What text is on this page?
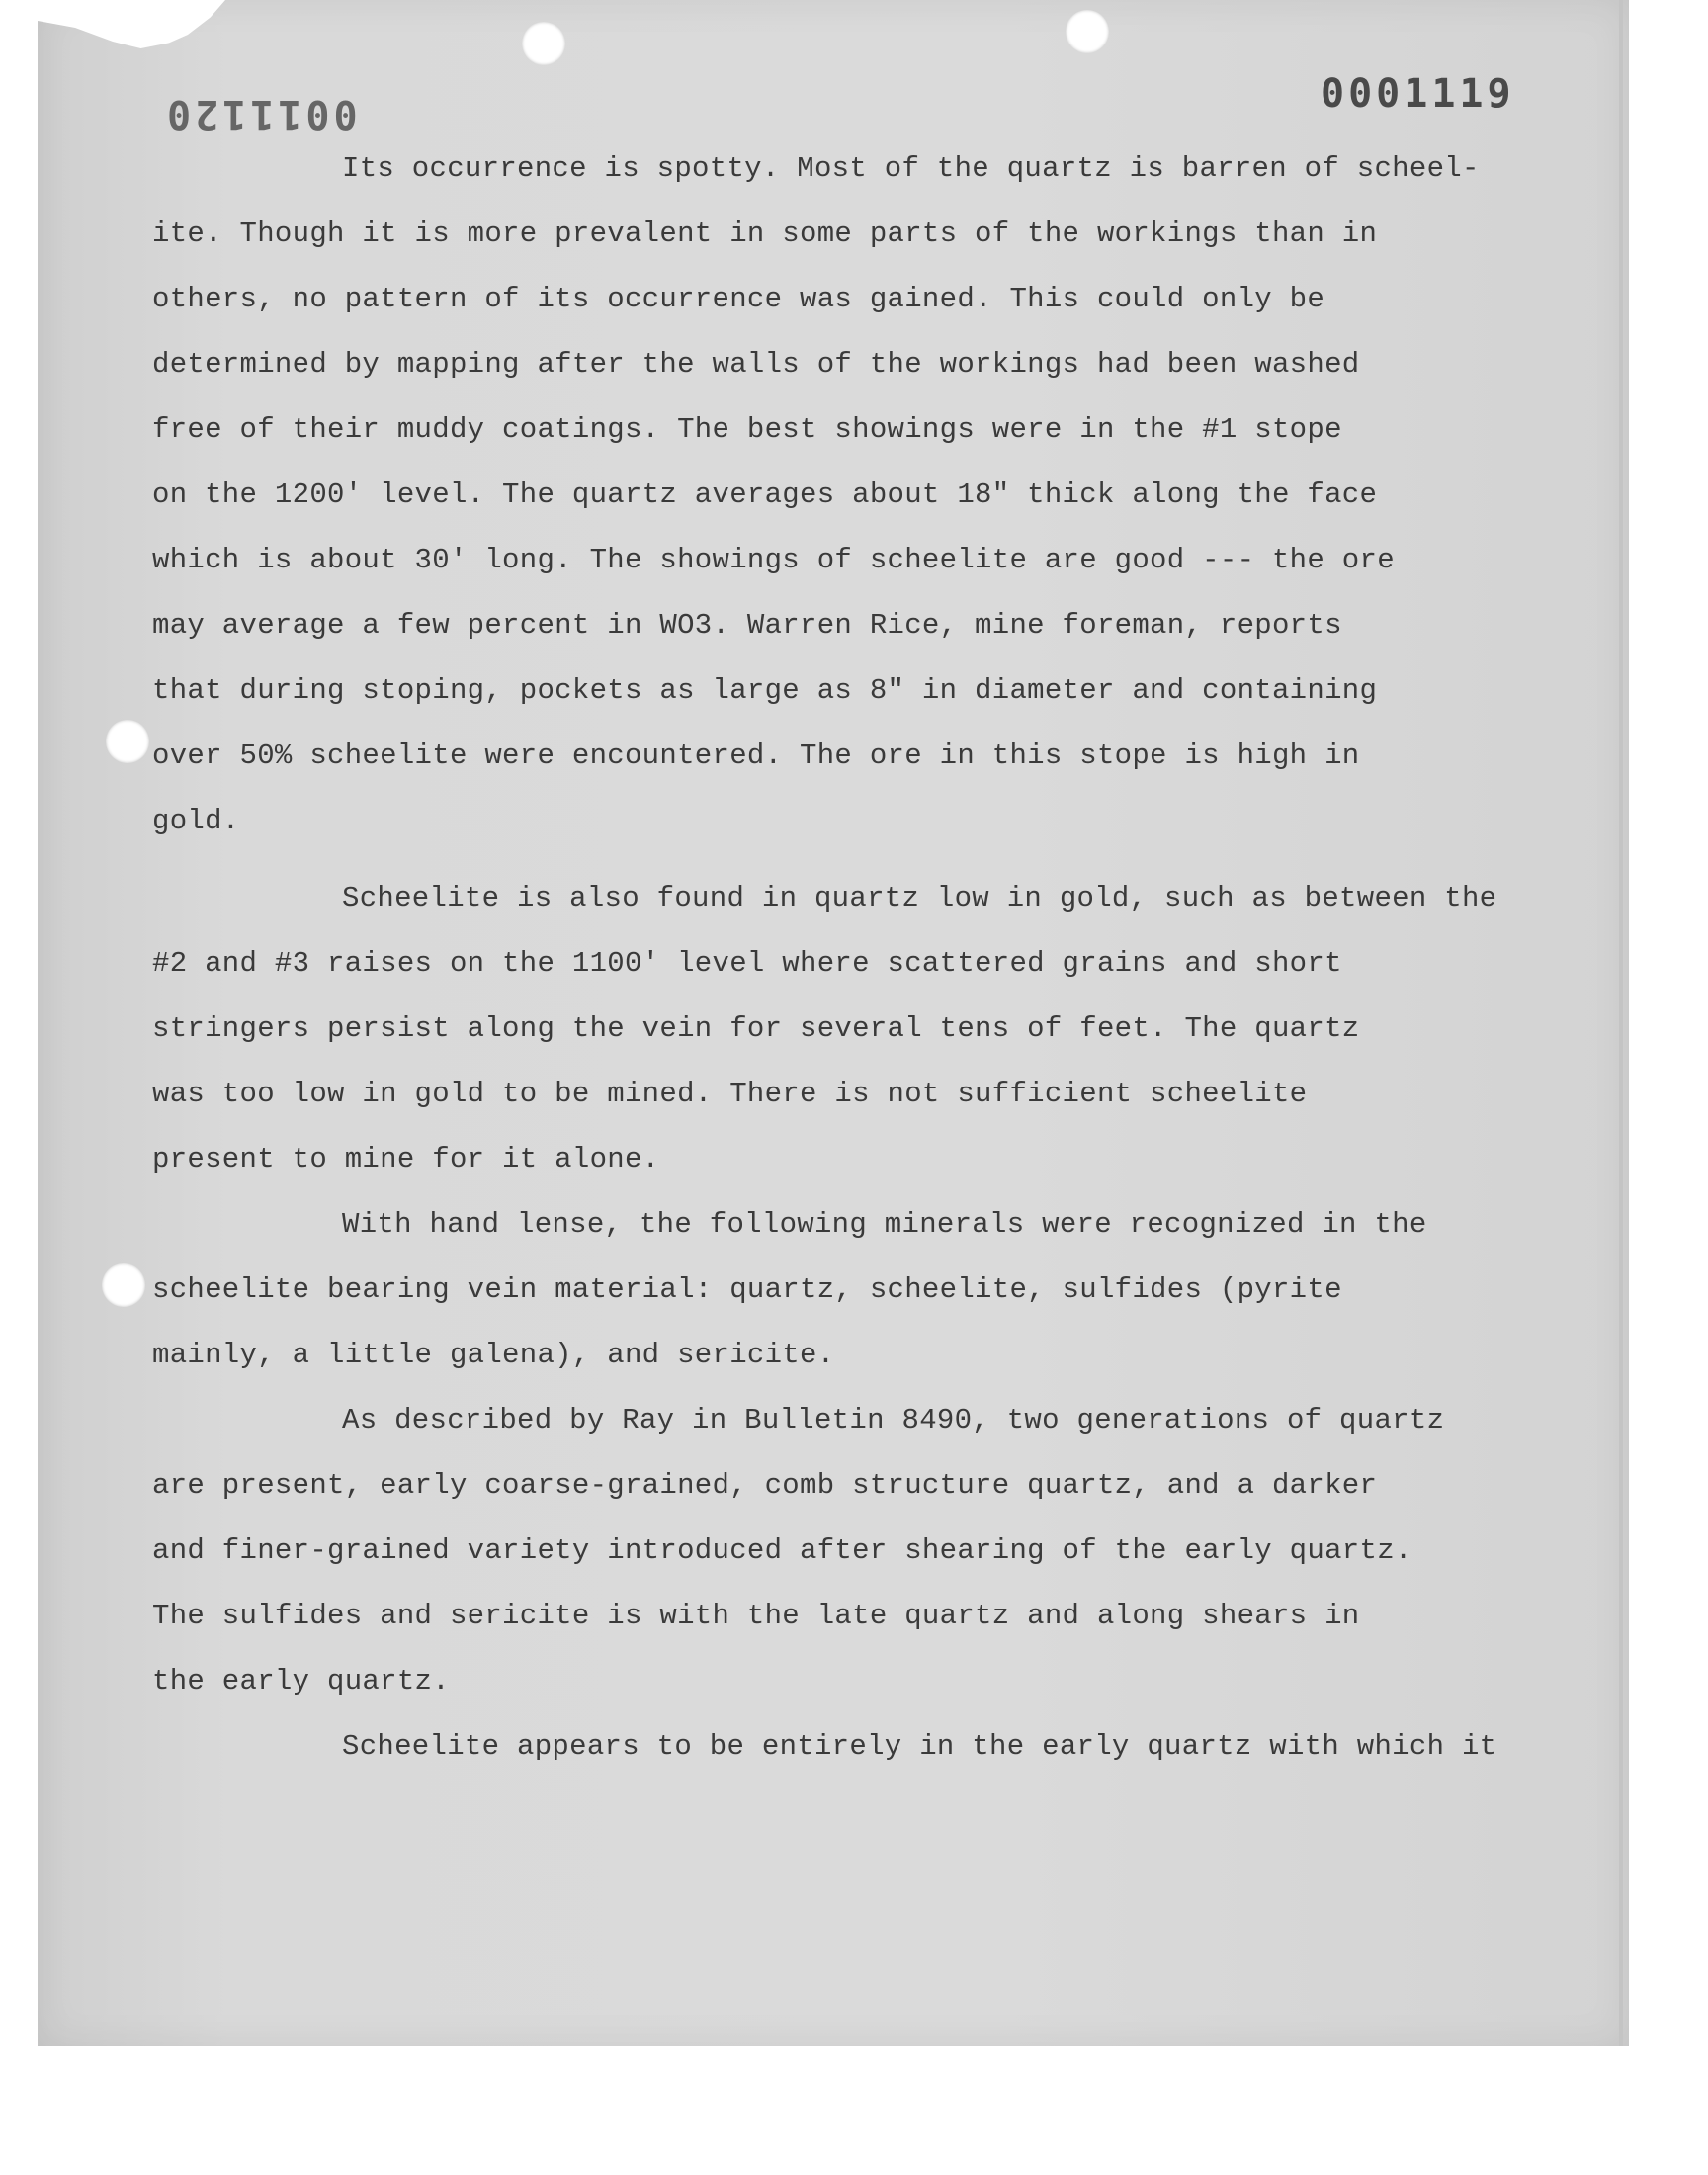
0011120	0001119

Its occurrence is spotty. Most of the quartz is barren of scheel-
ite. Though it is more prevalent in some parts of the workings than in
others, no pattern of its occurrence was gained. This could only be
determined by mapping after the walls of the workings had been washed
free of their muddy coatings. The best showings were in the #1 stope
on the 1200' level. The quartz averages about 18" thick along the face
which is about 30' long. The showings of scheelite are good --- the ore
may average a few percent in WO3. Warren Rice, mine foreman, reports
that during stoping, pockets as large as 8" in diameter and containing
over 50% scheelite were encountered. The ore in this stope is high in
gold.

Scheelite is also found in quartz low in gold, such as between the
#2 and #3 raises on the 1100' level where scattered grains and short
stringers persist along the vein for several tens of feet. The quartz
was too low in gold to be mined. There is not sufficient scheelite
present to mine for it alone.

With hand lense, the following minerals were recognized in the
scheelite bearing vein material: quartz, scheelite, sulfides (pyrite
mainly, a little galena), and sericite.

As described by Ray in Bulletin 8490, two generations of quartz
are present, early coarse-grained, comb structure quartz, and a darker
and finer-grained variety introduced after shearing of the early quartz.
The sulfides and sericite is with the late quartz and along shears in
the early quartz.

Scheelite appears to be entirely in the early quartz with which it
